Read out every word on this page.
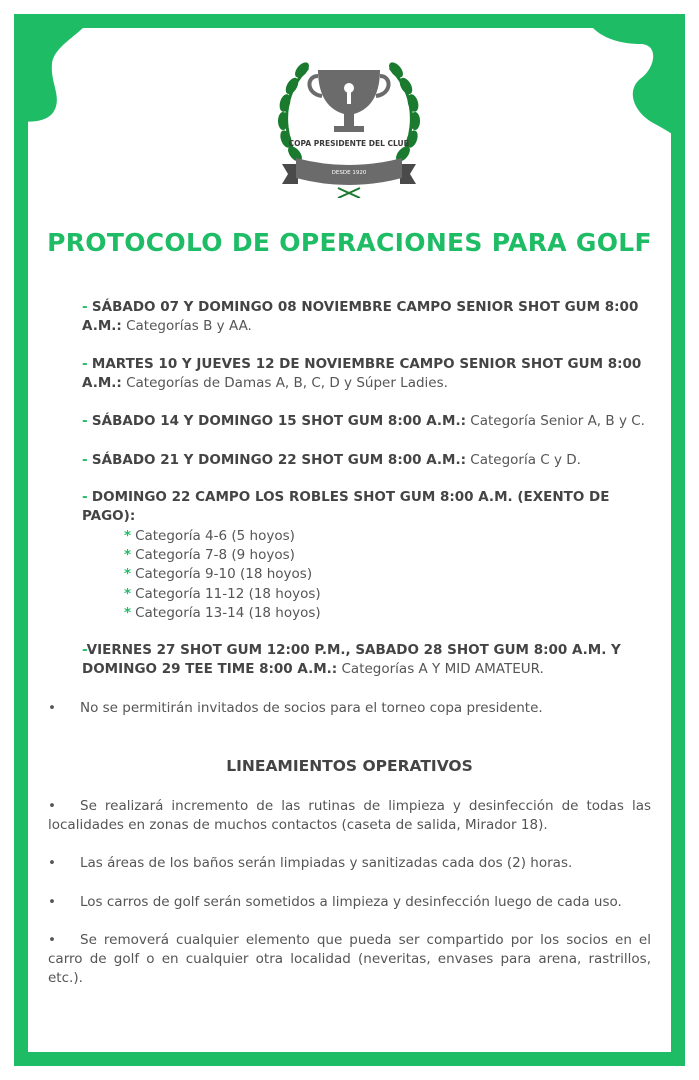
COPA PRESIDENTE DEL CLUB
DESDE 1920
PROTOCOLO DE OPERACIONES PARA GOLF
- SÁBADO 07 Y DOMINGO 08 NOVIEMBRE CAMPO SENIOR SHOT GUM 8:00 A.M.: Categorías B y AA.
- MARTES 10 Y JUEVES 12 DE NOVIEMBRE CAMPO SENIOR SHOT GUM 8:00 A.M.: Categorías de Damas A, B, C, D y Súper Ladies.
- SÁBADO 14 Y DOMINGO 15 SHOT GUM 8:00 A.M.: Categoría Senior A, B y C.
- SÁBADO 21 Y DOMINGO 22 SHOT GUM 8:00 A.M.: Categoría C y D.
- DOMINGO 22 CAMPO LOS ROBLES SHOT GUM 8:00 A.M. (EXENTO DE PAGO):
* Categoría 4-6 (5 hoyos)
* Categoría 7-8 (9 hoyos)
* Categoría 9-10 (18 hoyos)
* Categoría 11-12 (18 hoyos)
* Categoría 13-14 (18 hoyos)
-VIERNES 27 SHOT GUM 12:00 P.M., SABADO 28 SHOT GUM 8:00 A.M. Y DOMINGO 29 TEE TIME 8:00 A.M.: Categorías A Y MID AMATEUR.
• No se permitirán invitados de socios para el torneo copa presidente.
LINEAMIENTOS OPERATIVOS
• Se realizará incremento de las rutinas de limpieza y desinfección de todas las localidades en zonas de muchos contactos (caseta de salida, Mirador 18).
• Las áreas de los baños serán limpiadas y sanitizadas cada dos (2) horas.
• Los carros de golf serán sometidos a limpieza y desinfección luego de cada uso.
• Se removerá cualquier elemento que pueda ser compartido por los socios en el carro de golf o en cualquier otra localidad (neveritas, envases para arena, rastrillos, etc.).
